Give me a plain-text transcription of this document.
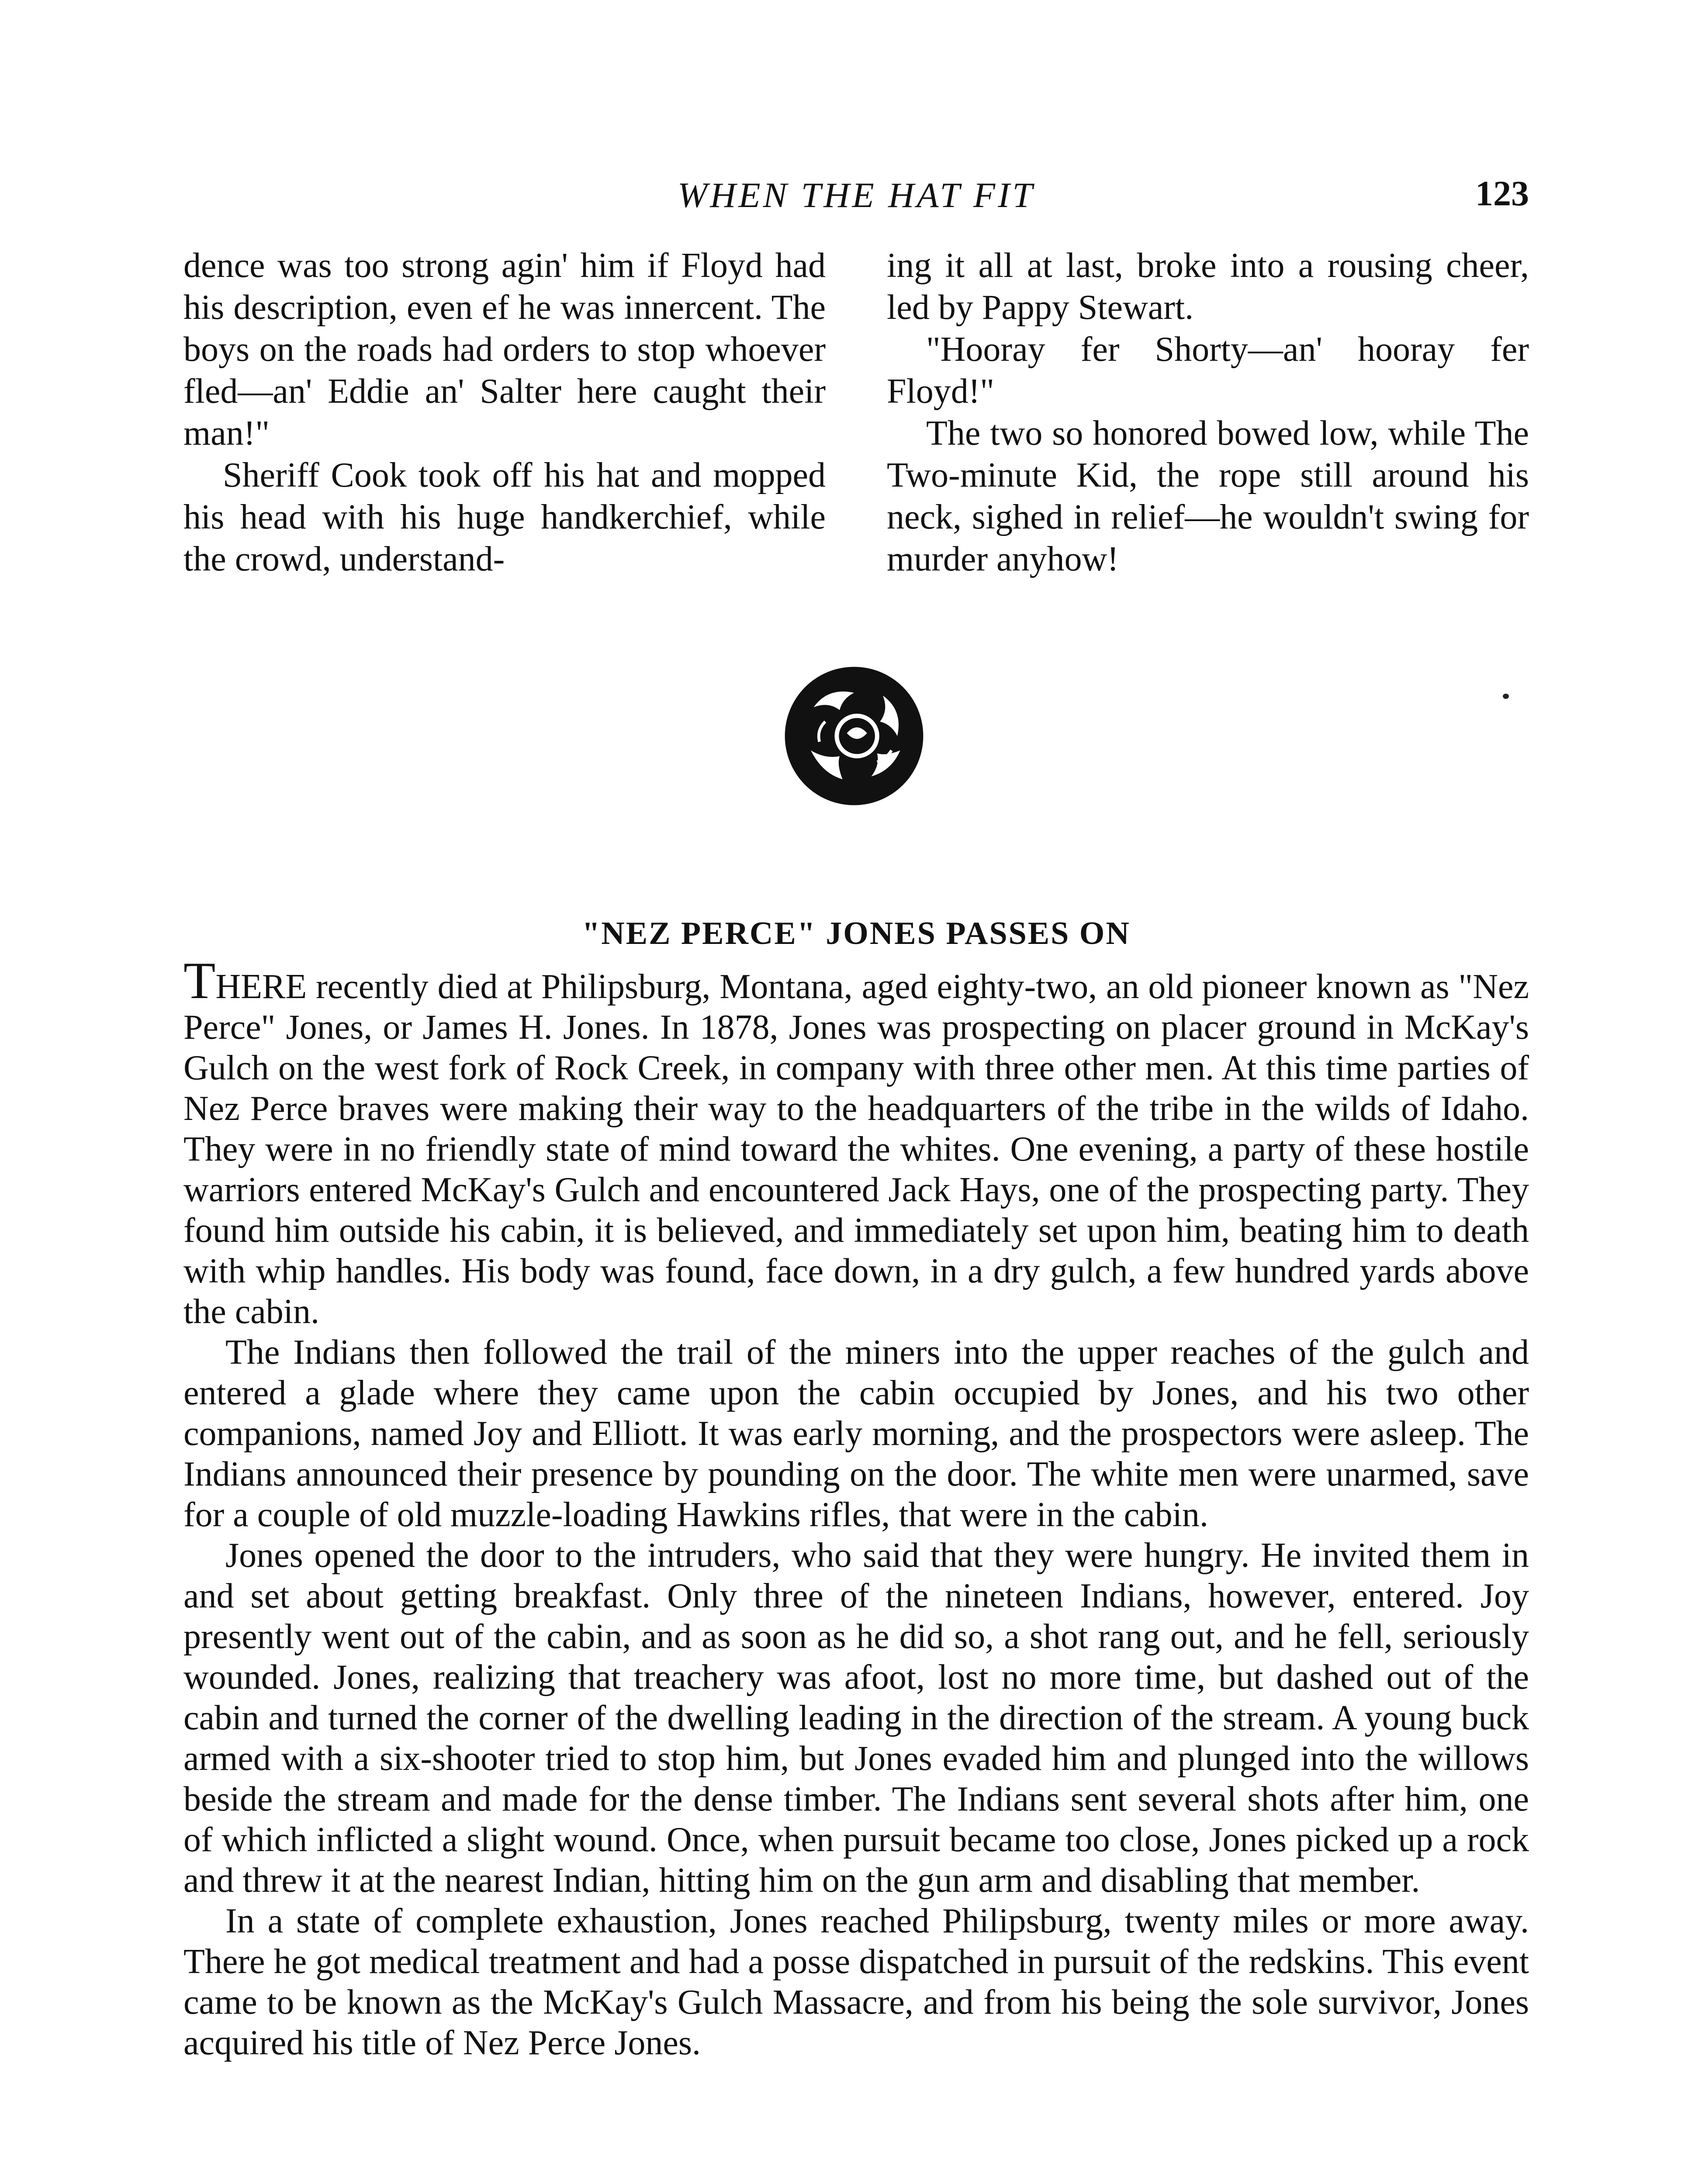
WHEN THE HAT FIT	123

dence was too strong agin' him if Floyd had his description, even ef he was innercent. The boys on the roads had orders to stop whoever fled—an' Eddie an' Salter here caught their man!"

Sheriff Cook took off his hat and mopped his head with his huge handkerchief, while the crowd, understand-

ing it all at last, broke into a rousing cheer, led by Pappy Stewart.

"Hooray fer Shorty—an' hooray fer Floyd!"

The two so honored bowed low, while The Two-minute Kid, the rope still around his neck, sighed in relief—he wouldn't swing for murder anyhow!

"NEZ PERCE" JONES PASSES ON

THERE recently died at Philipsburg, Montana, aged eighty-two, an old pioneer known as "Nez Perce" Jones, or James H. Jones. In 1878, Jones was prospecting on placer ground in McKay's Gulch on the west fork of Rock Creek, in company with three other men. At this time parties of Nez Perce braves were making their way to the headquarters of the tribe in the wilds of Idaho. They were in no friendly state of mind toward the whites. One evening, a party of these hostile warriors entered McKay's Gulch and encountered Jack Hays, one of the prospecting party. They found him outside his cabin, it is believed, and immediately set upon him, beating him to death with whip handles. His body was found, face down, in a dry gulch, a few hundred yards above the cabin.

The Indians then followed the trail of the miners into the upper reaches of the gulch and entered a glade where they came upon the cabin occupied by Jones, and his two other companions, named Joy and Elliott. It was early morning, and the prospectors were asleep. The Indians announced their presence by pounding on the door. The white men were unarmed, save for a couple of old muzzle-loading Hawkins rifles, that were in the cabin.

Jones opened the door to the intruders, who said that they were hungry. He invited them in and set about getting breakfast. Only three of the nineteen Indians, however, entered. Joy presently went out of the cabin, and as soon as he did so, a shot rang out, and he fell, seriously wounded. Jones, realizing that treachery was afoot, lost no more time, but dashed out of the cabin and turned the corner of the dwelling leading in the direction of the stream. A young buck armed with a six-shooter tried to stop him, but Jones evaded him and plunged into the willows beside the stream and made for the dense timber. The Indians sent several shots after him, one of which inflicted a slight wound. Once, when pursuit became too close, Jones picked up a rock and threw it at the nearest Indian, hitting him on the gun arm and disabling that member.

In a state of complete exhaustion, Jones reached Philipsburg, twenty miles or more away. There he got medical treatment and had a posse dispatched in pursuit of the redskins. This event came to be known as the McKay's Gulch Massacre, and from his being the sole survivor, Jones acquired his title of Nez Perce Jones.
